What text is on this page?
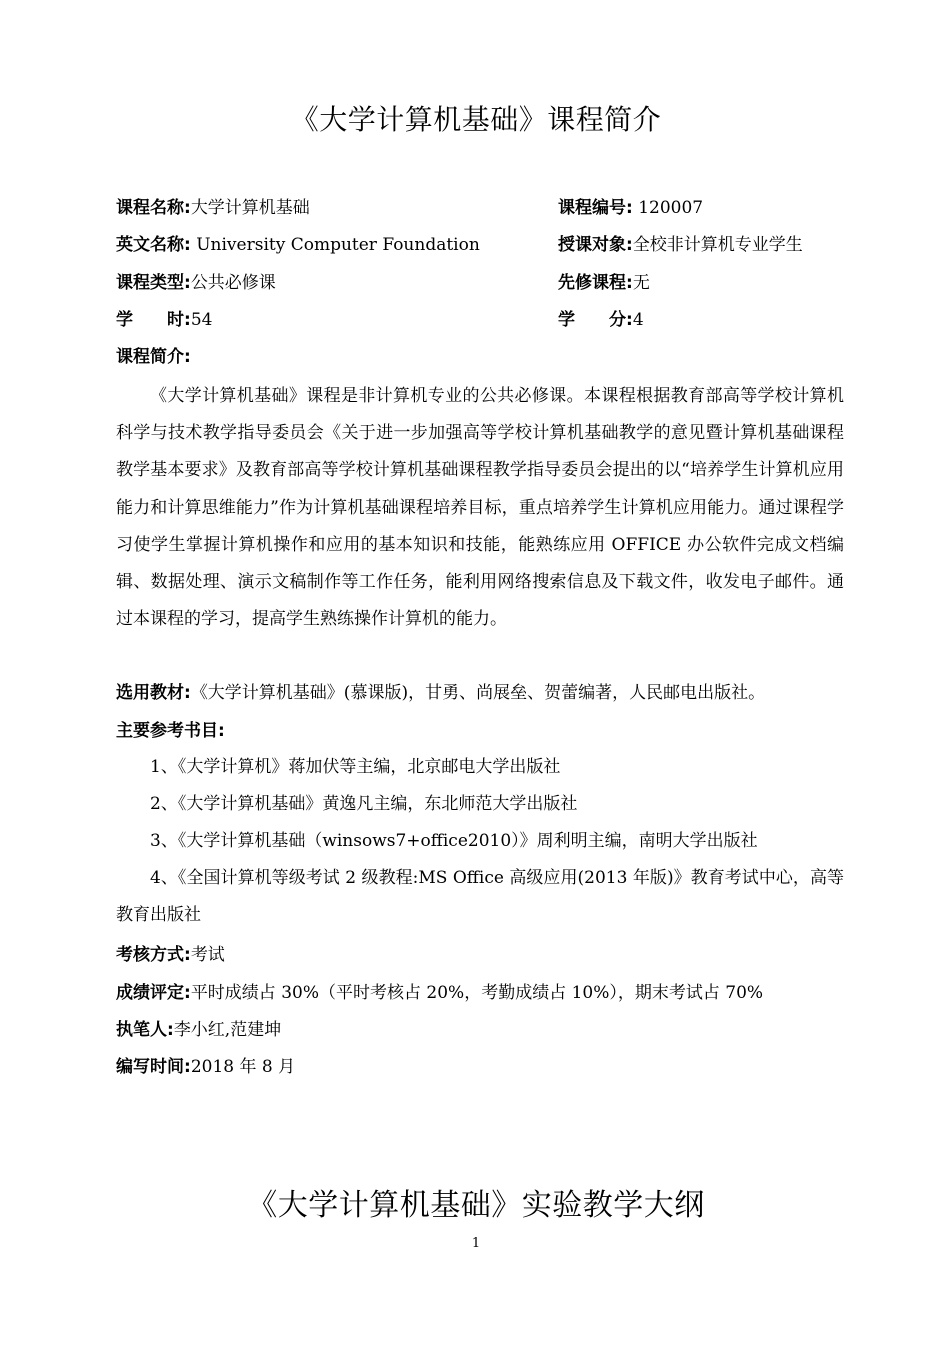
《大学计算机基础》课程简介
课程名称:大学计算机基础	课程编号: 120007
英文名称: University Computer Foundation	授课对象:全校非计算机专业学生
课程类型:公共必修课	先修课程:无
学　　时:54	学　　分:4
课程简介:

《大学计算机基础》课程是非计算机专业的公共必修课。本课程根据教育部高等学校计算机科学与技术教学指导委员会《关于进一步加强高等学校计算机基础教学的意见暨计算机基础课程教学基本要求》及教育部高等学校计算机基础课程教学指导委员会提出的以“培养学生计算机应用能力和计算思维能力”作为计算机基础课程培养目标，重点培养学生计算机应用能力。通过课程学习使学生掌握计算机操作和应用的基本知识和技能，能熟练应用 OFFICE 办公软件完成文档编辑、数据处理、演示文稿制作等工作任务，能利用网络搜索信息及下载文件，收发电子邮件。通过本课程的学习，提高学生熟练操作计算机的能力。

选用教材:《大学计算机基础》(慕课版)，甘勇、尚展垒、贺蕾编著，人民邮电出版社。
主要参考书目:

1、《大学计算机》蒋加伏等主编，北京邮电大学出版社

2、《大学计算机基础》黄逸凡主编，东北师范大学出版社

3、《大学计算机基础（winsows7+office2010）》周利明主编，南明大学出版社

4、《全国计算机等级考试 2 级教程:MS Office 高级应用(2013 年版)》教育考试中心，高等教育出版社

考核方式:考试
成绩评定:平时成绩占 30%（平时考核占 20%，考勤成绩占 10%），期末考试占 70%
执笔人:李小红,范建坤
编写时间:2018 年 8 月
《大学计算机基础》实验教学大纲
1
